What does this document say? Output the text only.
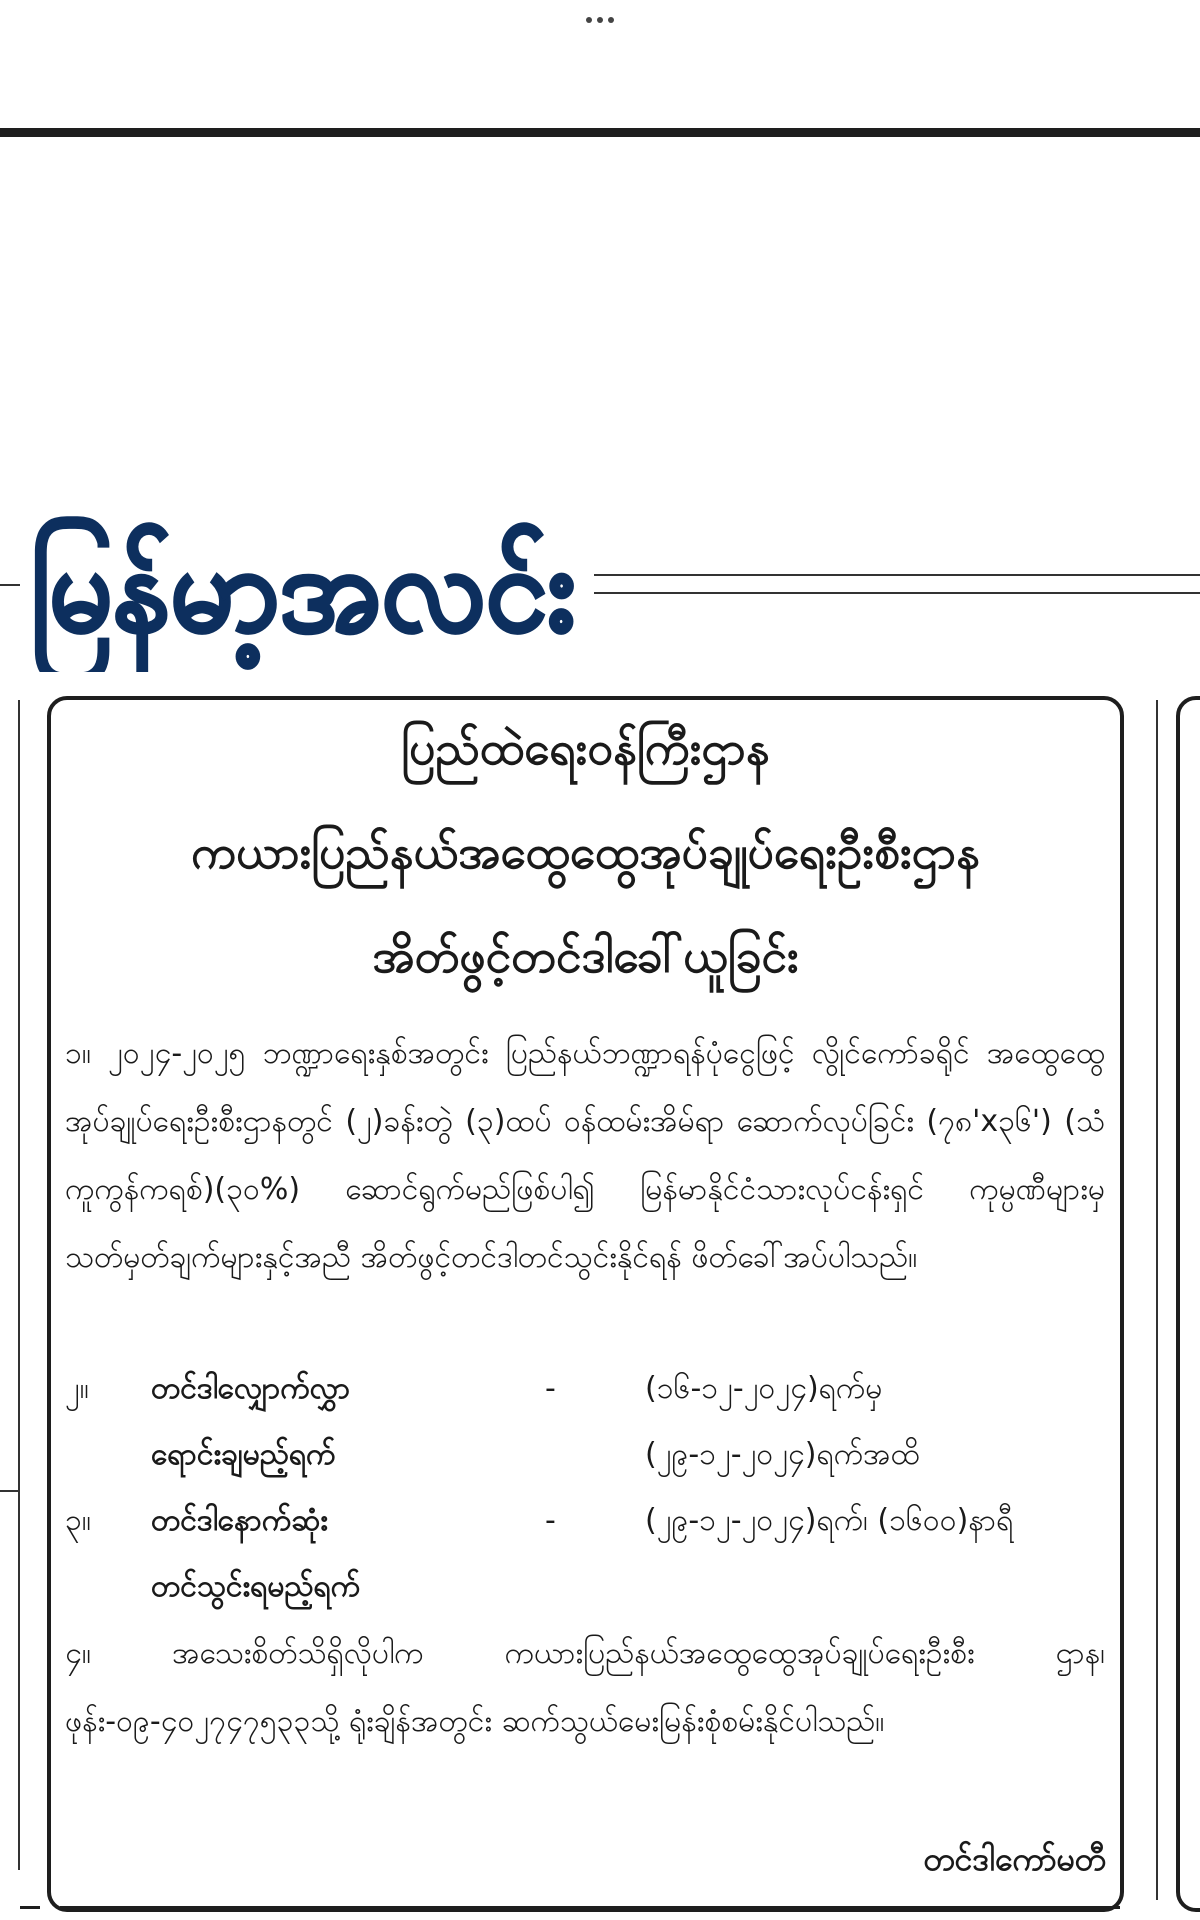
မြန်မာ့အလင်း
ပြည်ထဲရေးဝန်ကြီးဌာန
ကယားပြည်နယ်အထွေထွေအုပ်ချုပ်ရေးဦးစီးဌာန
အိတ်ဖွင့်တင်ဒါခေါ်ယူခြင်း
၁။ ၂၀၂၄-၂၀၂၅ ဘဏ္ဍာရေးနှစ်အတွင်း ပြည်နယ်ဘဏ္ဍာရန်ပုံငွေဖြင့် လွိုင်ကော်ခရိုင် အထွေထွေအုပ်ချုပ်ရေးဦးစီးဌာနတွင် (၂)ခန်းတွဲ (၃)ထပ် ဝန်ထမ်းအိမ်ရာ ဆောက်လုပ်ခြင်း (၇၈'x၃၆') (သံကူကွန်ကရစ်)(၃၀%) ဆောင်ရွက်မည်ဖြစ်ပါ၍ မြန်မာနိုင်ငံသားလုပ်ငန်းရှင် ကုမ္ပဏီများမှ သတ်မှတ်ချက်များနှင့်အညီ အိတ်ဖွင့်တင်ဒါတင်သွင်းနိုင်ရန် ဖိတ်ခေါ်အပ်ပါသည်။
၂။ တင်ဒါလျှောက်လွှာ	-	(၁၆-၁၂-၂၀၂၄)ရက်မှ
ရောင်းချမည့်ရက်	(၂၉-၁၂-၂၀၂၄)ရက်အထိ
၃။ တင်ဒါနောက်ဆုံး	-	(၂၉-၁၂-၂၀၂၄)ရက်၊ (၁၆၀၀)နာရီ
တင်သွင်းရမည့်ရက်
၄။ အသေးစိတ်သိရှိလိုပါက ကယားပြည်နယ်အထွေထွေအုပ်ချုပ်ရေးဦးစီး ဌာန၊ ဖုန်း-၀၉-၄၀၂၇၄၇၅၃၃သို့ ရုံးချိန်အတွင်း ဆက်သွယ်မေးမြန်းစုံစမ်းနိုင်ပါသည်။
တင်ဒါကော်မတီ
